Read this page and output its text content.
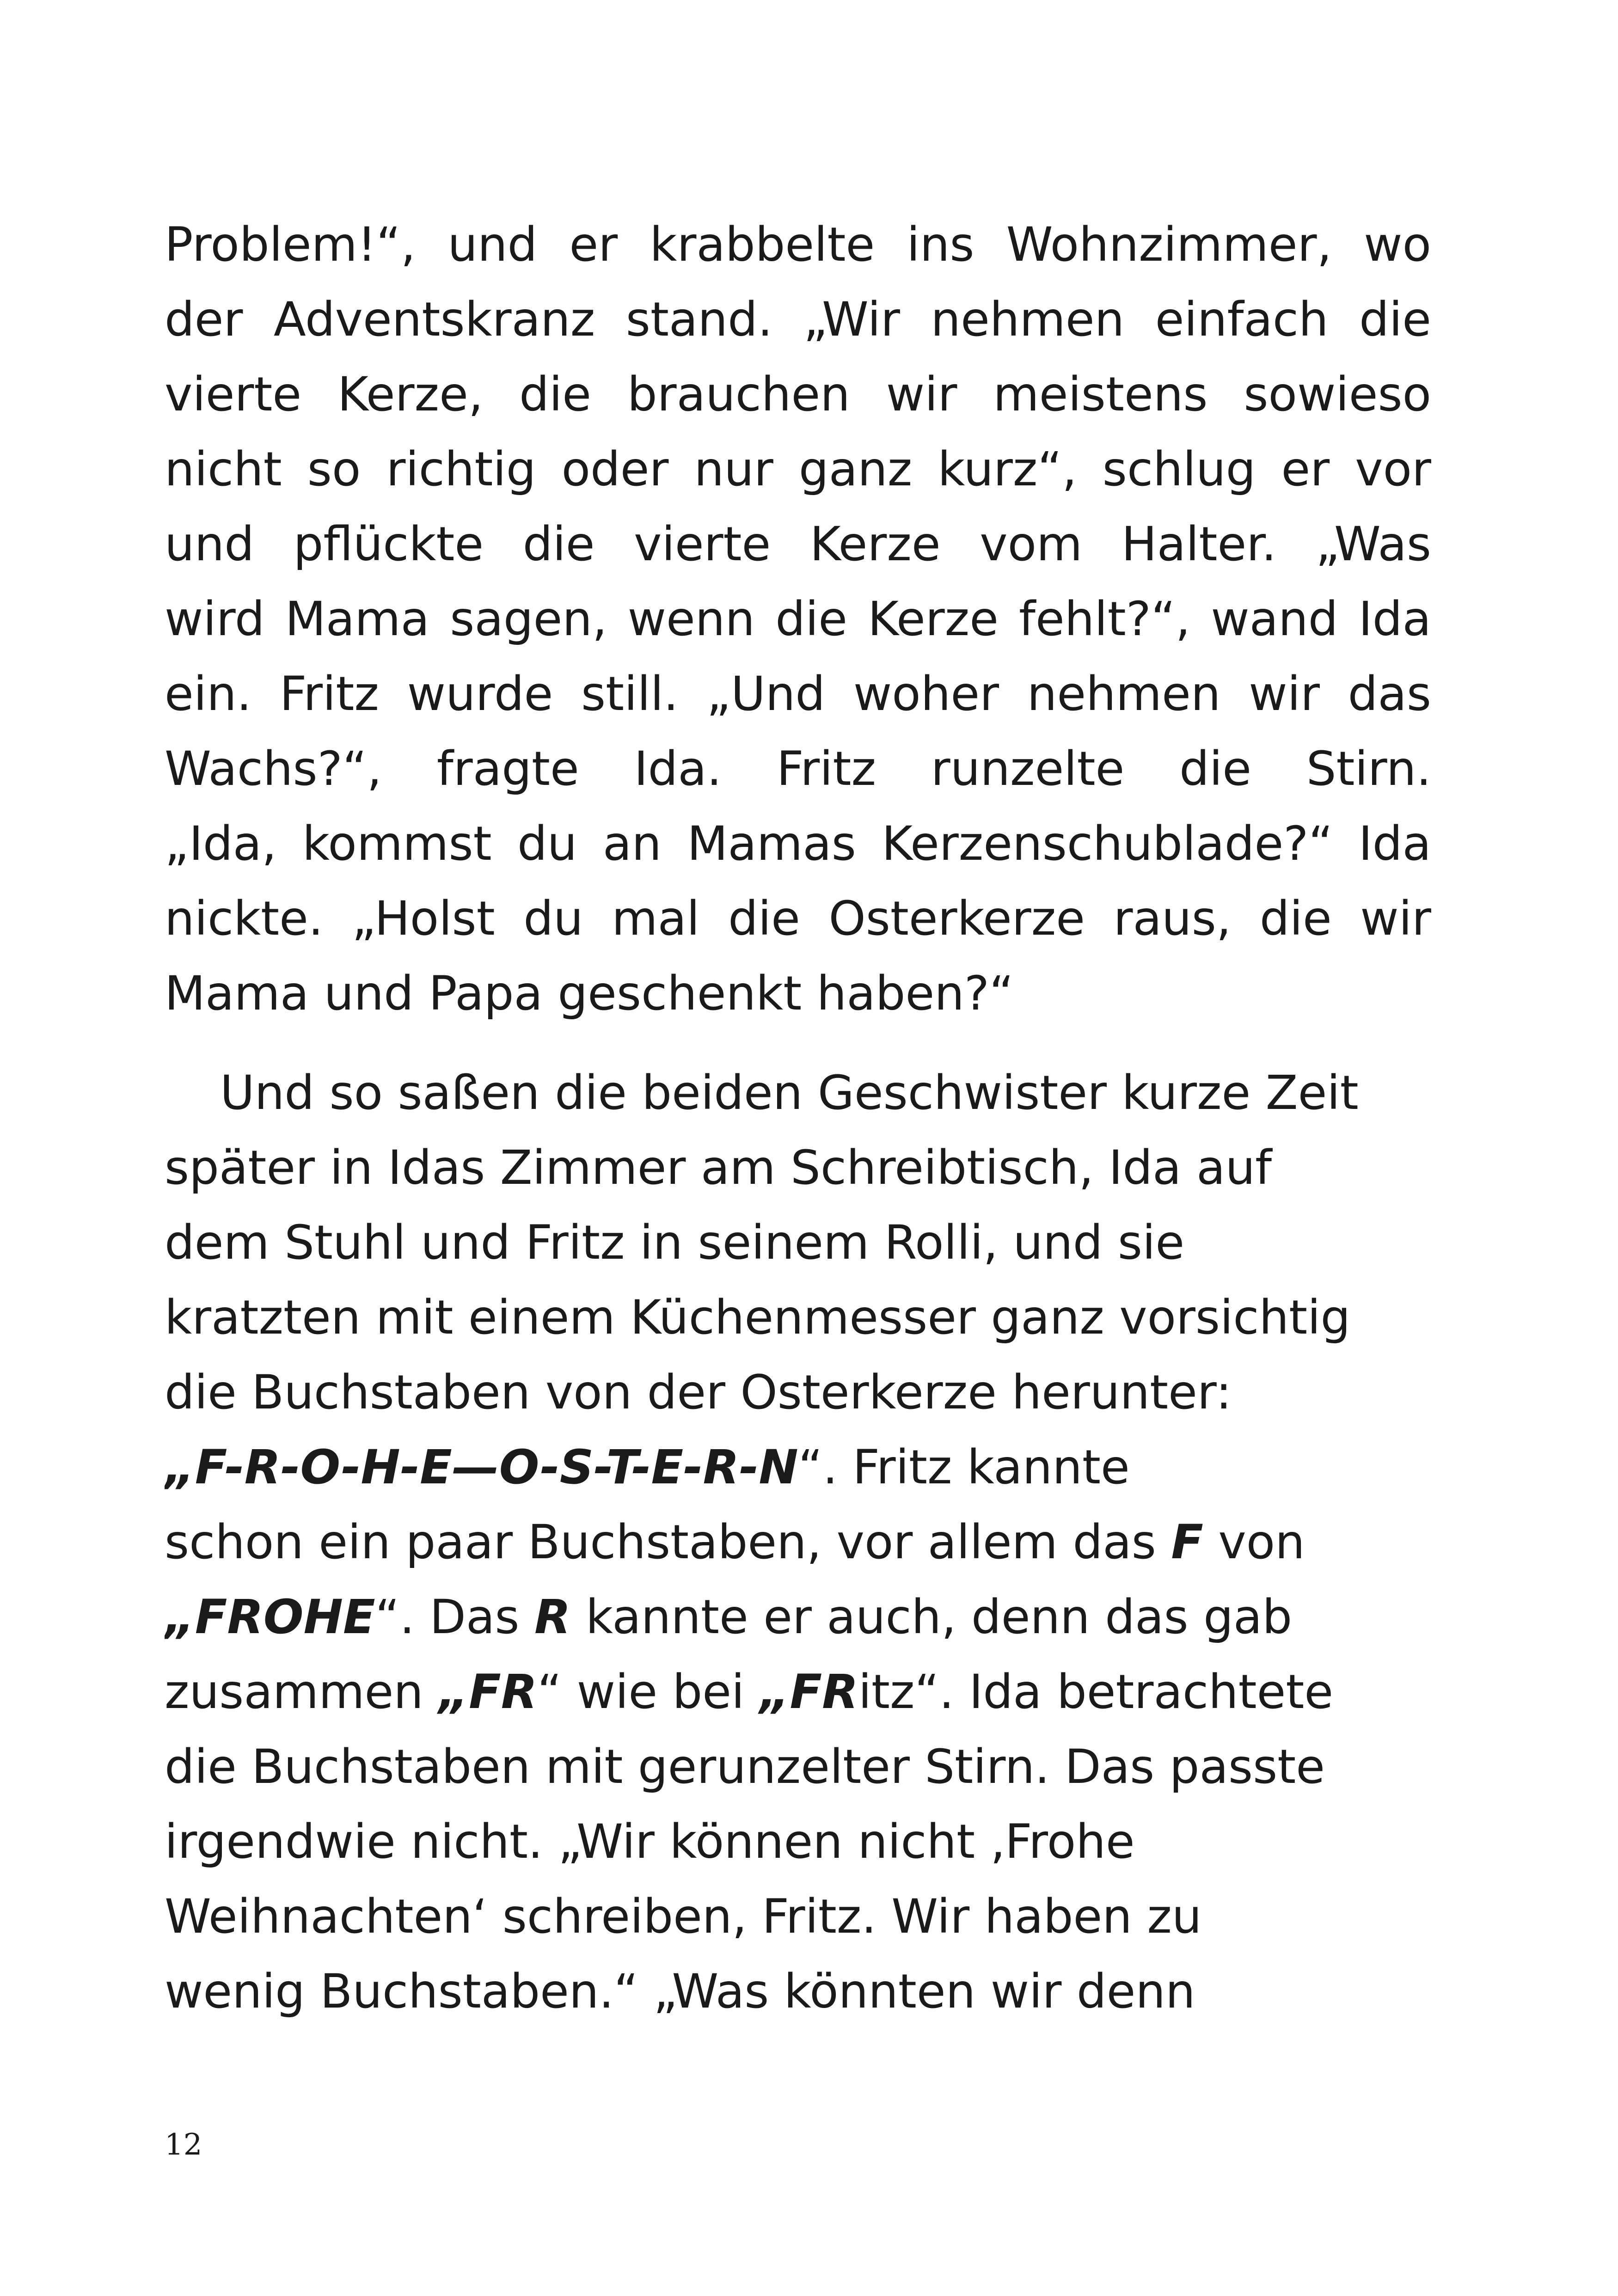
Problem!“, und er krabbelte ins Wohnzimmer, wo
der Adventskranz stand. „Wir nehmen einfach die
vierte Kerze, die brauchen wir meistens sowieso
nicht so richtig oder nur ganz kurz“, schlug er vor
und pflückte die vierte Kerze vom Halter. „Was
wird Mama sagen, wenn die Kerze fehlt?“, wand Ida
ein. Fritz wurde still. „Und woher nehmen wir das
Wachs?“, fragte Ida. Fritz runzelte die Stirn.
„Ida, kommst du an Mamas Kerzenschublade?“ Ida
nickte. „Holst du mal die Osterkerze raus, die wir
Mama und Papa geschenkt haben?“
Und so saßen die beiden Geschwister kurze Zeit
später in Idas Zimmer am Schreibtisch, Ida auf
dem Stuhl und Fritz in seinem Rolli, und sie
kratzten mit einem Küchenmesser ganz vorsichtig
die Buchstaben von der Osterkerze herunter:
„F-R-O-H-E—O-S-T-E-R-N“. Fritz kannte
schon ein paar Buchstaben, vor allem das F von
„FROHE“. Das R kannte er auch, denn das gab
zusammen „FR“ wie bei „FRitz“. Ida betrachtete
die Buchstaben mit gerunzelter Stirn. Das passte
irgendwie nicht. „Wir können nicht ‚Frohe
Weihnachten‘ schreiben, Fritz. Wir haben zu
wenig Buchstaben.“ „Was könnten wir denn
12
